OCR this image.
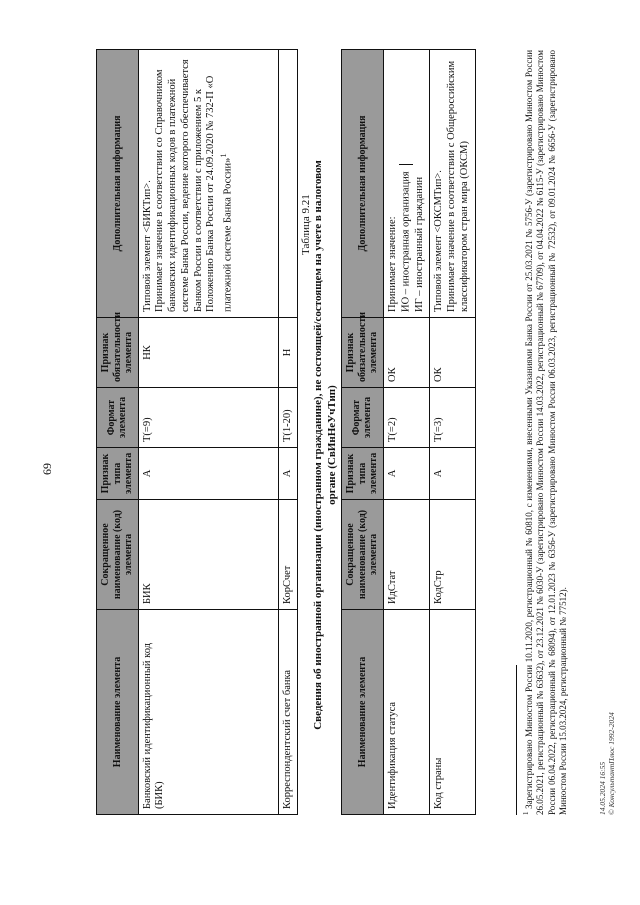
69
Наименование элемента	Сокращенное наименование (код) элемента	Признак типа элемента	Формат элемента	Признак обязательности элемента	Дополнительная информация
Банковский идентификационный код (БИК)	БИК	А	Т(=9)	НК	Типовой элемент <БИКТип>. Принимает значение в соответствии со Справочником банковских идентификационных кодов в платежной системе Банка России, ведение которого обеспечивается Банком России в соответствии с приложением 5 к Положению Банка России от 24.09.2020 № 732-П «О платежной системе Банка России»$^1$

Корреспондентский счет банка	КорСчет	А	Т(1-20)	Н	
Таблица 9.21 Сведения об иностранной организации (иностранном гражданине), не состоящей/состоящем на учете в налоговом органе (СвИнНеУчТип)
Наименование элемента	Сокращенное наименование (код) элемента	Признак типа элемента	Формат элемента	Признак обязательности элемента	Дополнительная информация
Идентификация статуса	ИдСтат	А	Т(=2)	ОК	Принимает значение: ИО – иностранная организация ИГ – иностранный гражданин

Код страны	КодСтр	А	Т(=3)	ОК	Типовой элемент <ОКСМТип>. Принимает значение в соответствии с Общероссийским классификатором стран мира (ОКСМ)
$^1$ Зарегистрировано Минюстом России 10.11.2020, регистрационный № 60810, с изменениями, внесенными Указаниями Банка России от 25.03.2021 № 5756-У (зарегистрировано Минюстом России 26.05.2021, регистрационный № 63632), от 23.12.2021 № 6030-У (зарегистрировано Минюстом России 14.03.2022, регистрационный № 67709), от 04.04.2022 № 6115-У (зарегистрировано Минюстом России 06.04.2022, регистрационный № 68094), от 12.01.2023 № 6356-У (зарегистрировано Минюстом России 06.03.2023, регистрационный № 72532), от 09.01.2024 № 6656-У (зарегистрировано Минюстом России 15.03.2024, регистрационный № 77512).	14.05.2024 16:55 © КонсультантПлюс 1992-2024
